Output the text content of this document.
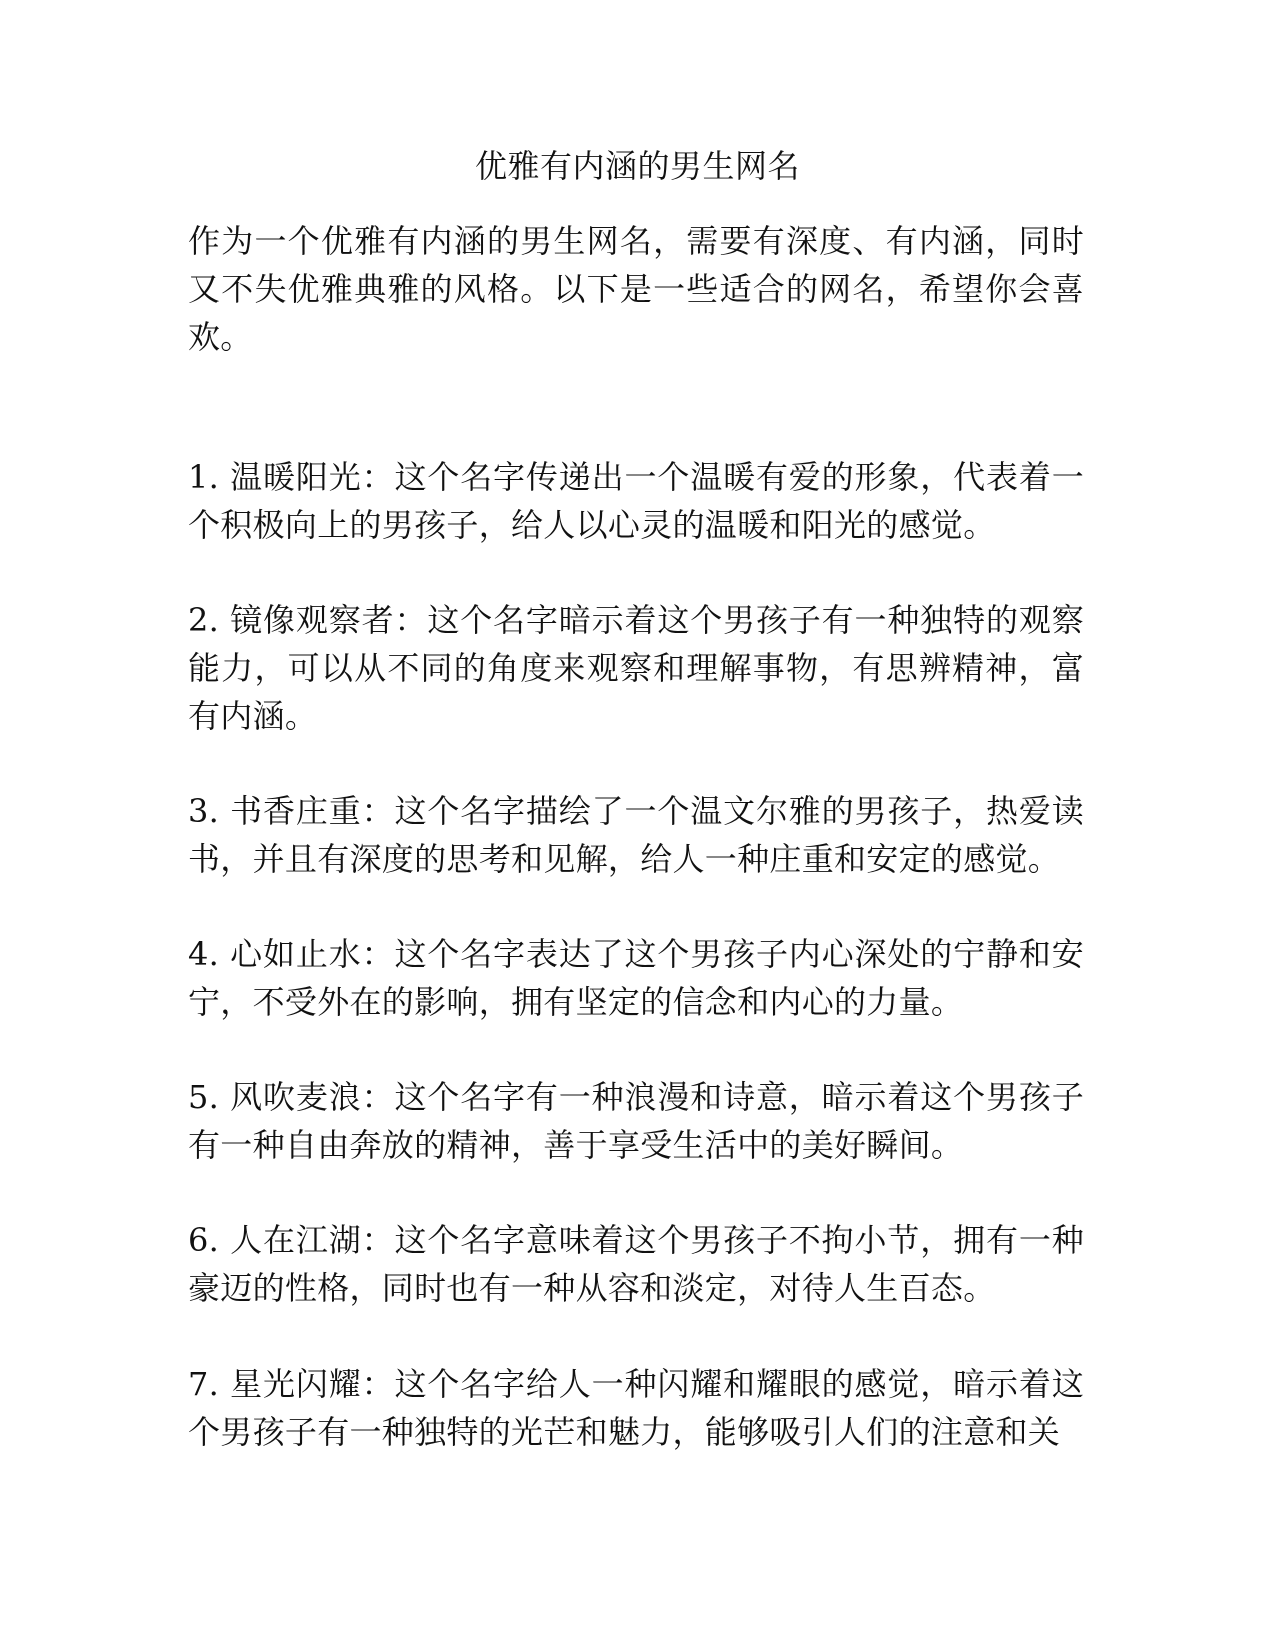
优雅有内涵的男生网名

作为一个优雅有内涵的男生网名，需要有深度、有内涵，同时又不失优雅典雅的风格。以下是一些适合的网名，希望你会喜欢。

1. 温暖阳光：这个名字传递出一个温暖有爱的形象，代表着一个积极向上的男孩子，给人以心灵的温暖和阳光的感觉。

2. 镜像观察者：这个名字暗示着这个男孩子有一种独特的观察能力，可以从不同的角度来观察和理解事物，有思辨精神，富有内涵。

3. 书香庄重：这个名字描绘了一个温文尔雅的男孩子，热爱读书，并且有深度的思考和见解，给人一种庄重和安定的感觉。

4. 心如止水：这个名字表达了这个男孩子内心深处的宁静和安宁，不受外在的影响，拥有坚定的信念和内心的力量。

5. 风吹麦浪：这个名字有一种浪漫和诗意，暗示着这个男孩子有一种自由奔放的精神，善于享受生活中的美好瞬间。

6. 人在江湖：这个名字意味着这个男孩子不拘小节，拥有一种豪迈的性格，同时也有一种从容和淡定，对待人生百态。

7. 星光闪耀：这个名字给人一种闪耀和耀眼的感觉，暗示着这个男孩子有一种独特的光芒和魅力，能够吸引人们的注意和关
